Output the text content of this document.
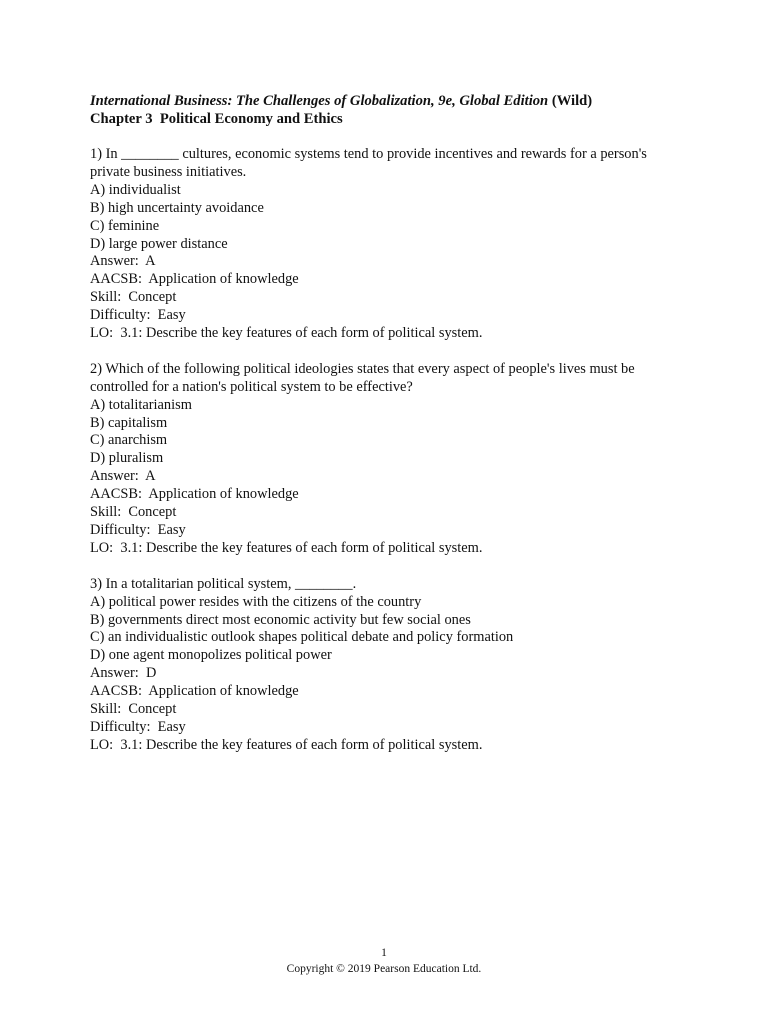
International Business: The Challenges of Globalization, 9e, Global Edition (Wild)
Chapter 3 Political Economy and Ethics
1) In ________ cultures, economic systems tend to provide incentives and rewards for a person's
private business initiatives.
A) individualist
B) high uncertainty avoidance
C) feminine
D) large power distance
Answer:  A
AACSB:  Application of knowledge
Skill:  Concept
Difficulty:  Easy
LO:  3.1: Describe the key features of each form of political system.
2) Which of the following political ideologies states that every aspect of people's lives must be
controlled for a nation's political system to be effective?
A) totalitarianism
B) capitalism
C) anarchism
D) pluralism
Answer:  A
AACSB:  Application of knowledge
Skill:  Concept
Difficulty:  Easy
LO:  3.1: Describe the key features of each form of political system.
3) In a totalitarian political system, ________.
A) political power resides with the citizens of the country
B) governments direct most economic activity but few social ones
C) an individualistic outlook shapes political debate and policy formation
D) one agent monopolizes political power
Answer:  D
AACSB:  Application of knowledge
Skill:  Concept
Difficulty:  Easy
LO:  3.1: Describe the key features of each form of political system.
1
Copyright © 2019 Pearson Education Ltd.
